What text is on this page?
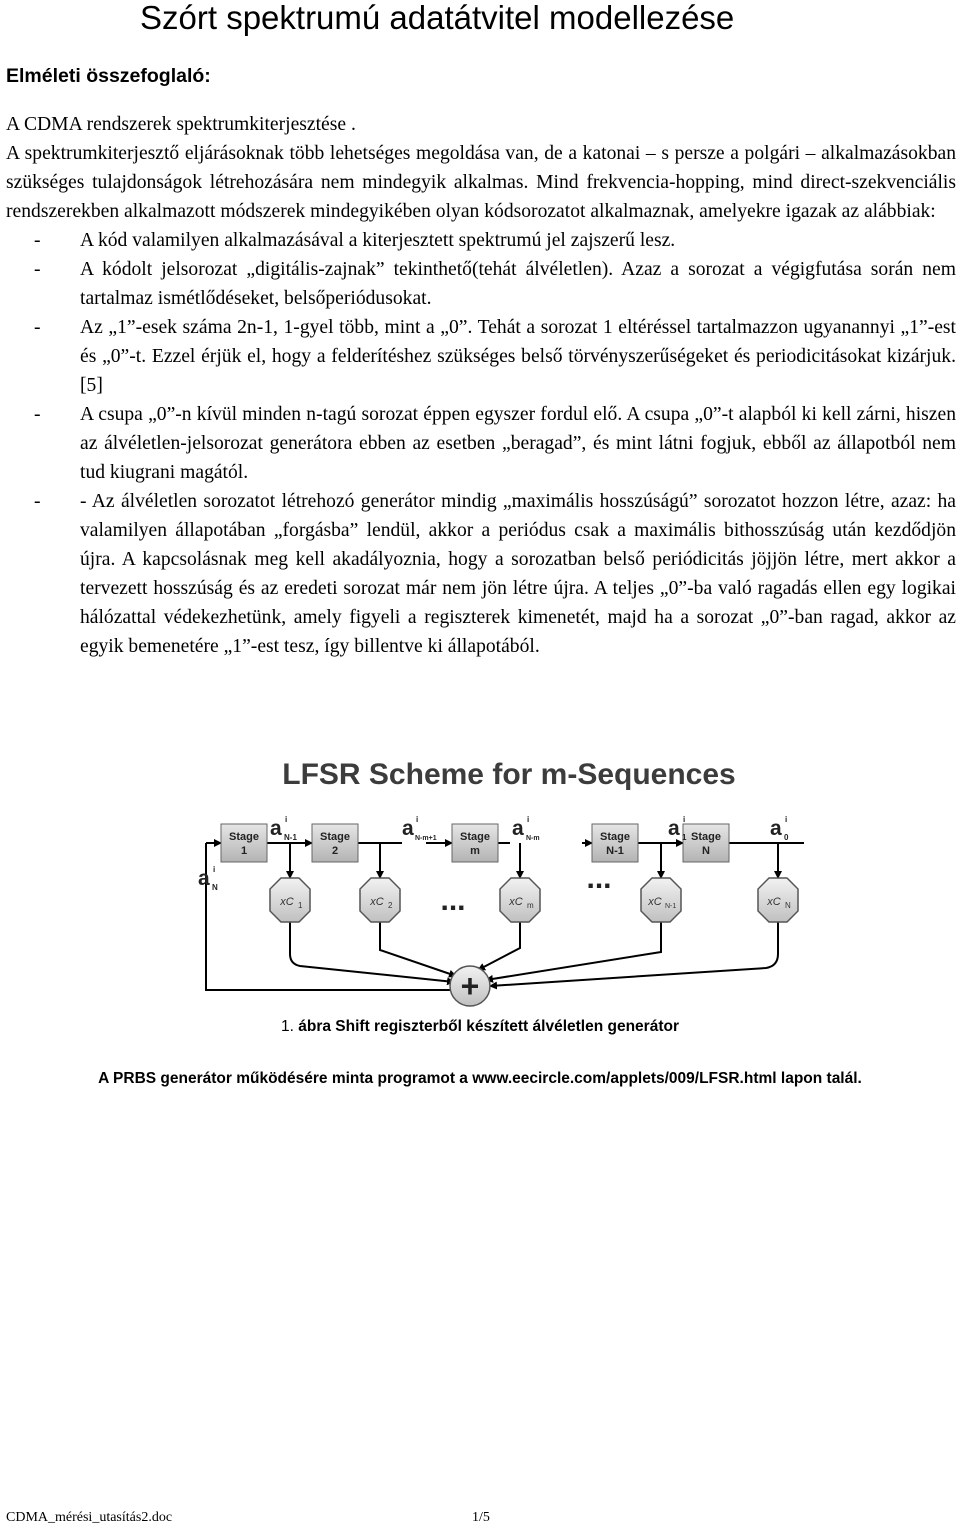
Szórt spektrumú adatátvitel modellezése
Elméleti összefoglaló:
A CDMA rendszerek spektrumkiterjesztése .

A spektrumkiterjesztő eljárásoknak több lehetséges megoldása van, de a katonai – s persze a polgári – alkalmazásokban szükséges tulajdonságok létrehozására nem mindegyik alkalmas. Mind frekvencia-hopping, mind direct-szekvenciális rendszerekben alkalmazott módszerek mindegyikében olyan kódsorozatot alkalmaznak, amelyekre igazak az alábbiak:

- A kód valamilyen alkalmazásával a kiterjesztett spektrumú jel zajszerű lesz.
- A kódolt jelsorozat „digitális-zajnak” tekinthető(tehát álvéletlen). Azaz a sorozat a végigfutása során nem tartalmaz ismétlődéseket, belsőperiódusokat.
- Az „1”-esek száma 2n-1, 1-gyel több, mint a „0”. Tehát a sorozat 1 eltéréssel tartalmazzon ugyanannyi „1”-est és „0”-t. Ezzel érjük el, hogy a felderítéshez szükséges belső törvényszerűségeket és periodicitásokat kizárjuk. [5]
- A csupa „0”-n kívül minden n-tagú sorozat éppen egyszer fordul elő. A csupa „0”-t alapból ki kell zárni, hiszen az álvéletlen-jelsorozat generátora ebben az esetben „beragad”, és mint látni fogjuk, ebből az állapotból nem tud kiugrani magától.
- - Az álvéletlen sorozatot létrehozó generátor mindig „maximális hosszúságú” sorozatot hozzon létre, azaz: ha valamilyen állapotában „forgásba” lendül, akkor a periódus csak a maximális bithosszúság után kezdődjön újra. A kapcsolásnak meg kell akadályoznia, hogy a sorozatban belső periódicitás jöjjön létre, mert akkor a tervezett hosszúság és az eredeti sorozat már nem jön létre újra. A teljes „0”-ba való ragadás ellen egy logikai hálózattal védekezhetünk, amely figyeli a regiszterek kimenetét, majd ha a sorozat „0”-ban ragad, akkor az egyik bemenetére „1”-est tesz, így billentve ki állapotából.
LFSR Scheme for m-Sequences
Stage
1
Stage
2
Stage
m
Stage
N-1
Stage
N
a i
N-1	a i
N-m+1	a i
N-m	a i
1	a i
0
a i
N
xC 1	xC 2	xC m	xC N-1	xC N
...
...
+
1. ábra Shift regiszterből készített álvéletlen generátor
A PRBS generátor működésére minta programot a www.eecircle.com/applets/009/LFSR.html lapon talál.
CDMA_mérési_utasítás2.doc	1/5
